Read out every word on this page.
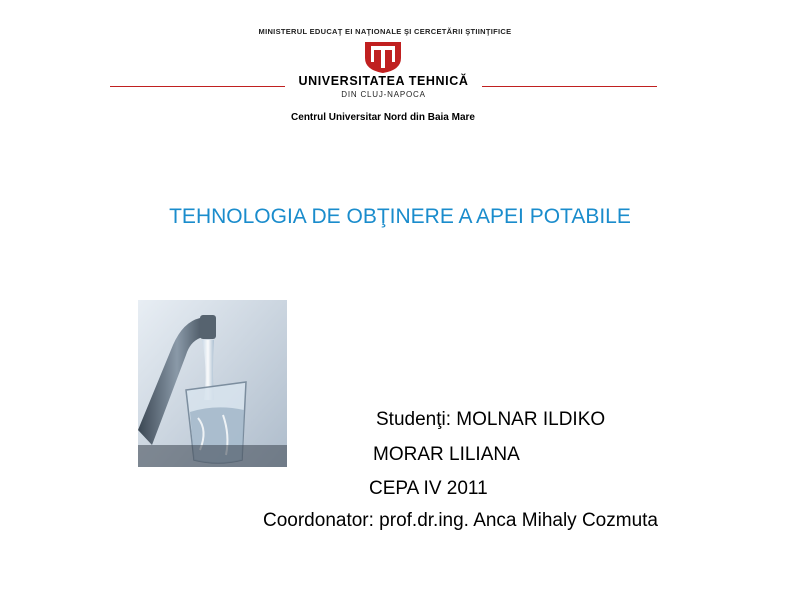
MINISTERUL EDUCAŢ EI NAŢIONALE ŞI CERCETĂRII ŞTIINŢIFICE
UNIVERSITATEA TEHNICĂ
DIN CLUJ-NAPOCA
Centrul Universitar Nord din Baia Mare
TEHNOLOGIA DE OBŢINERE A APEI POTABILE
Studenţi: MOLNAR ILDIKO
MORAR LILIANA
CEPA IV 2011
Coordonator: prof.dr.ing. Anca Mihaly Cozmuta
